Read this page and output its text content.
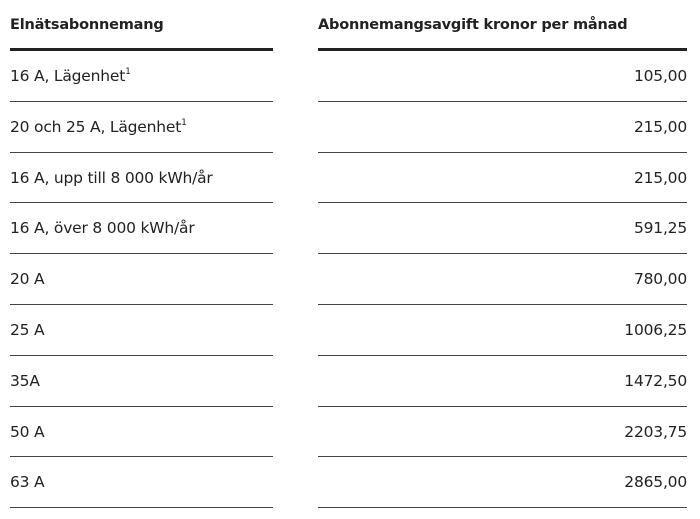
Elnätsabonnemang
16 A, Lägenhet$^1$
20 och 25 A, Lägenhet$^1$
16 A, upp till 8 000 kWh/år
16 A, över 8 000 kWh/år
20 A
25 A
35A
50 A
63 A
Abonnemangsavgift kronor per månad
105,00
215,00
215,00
591,25
780,00
1006,25
1472,50
2203,75
2865,00
